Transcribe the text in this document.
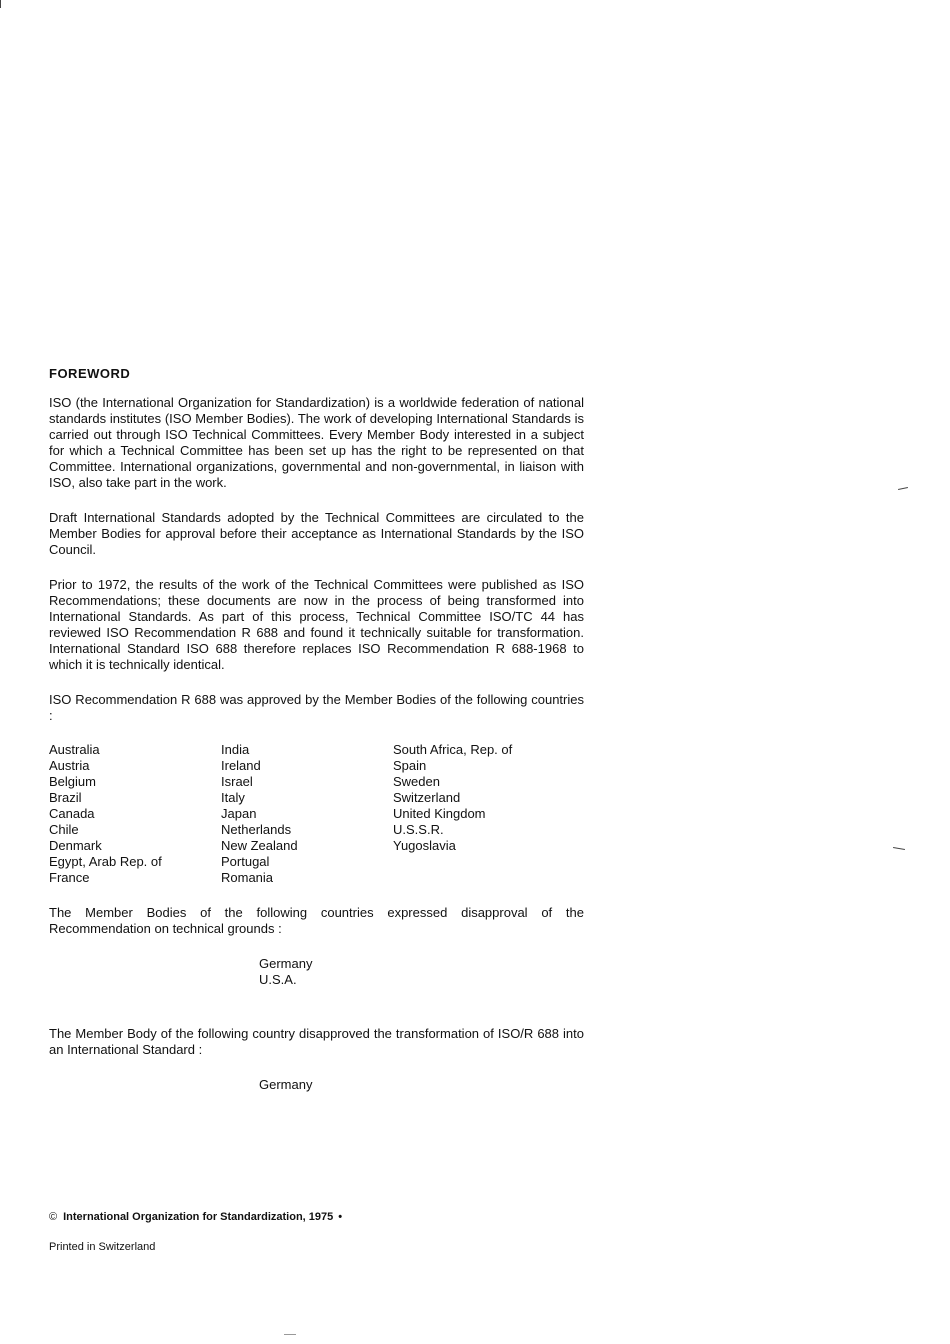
FOREWORD

ISO (the International Organization for Standardization) is a worldwide federation of national standards institutes (ISO Member Bodies). The work of developing International Standards is carried out through ISO Technical Committees. Every Member Body interested in a subject for which a Technical Committee has been set up has the right to be represented on that Committee. International organizations, governmental and non-governmental, in liaison with ISO, also take part in the work.

Draft International Standards adopted by the Technical Committees are circulated to the Member Bodies for approval before their acceptance as International Standards by the ISO Council.

Prior to 1972, the results of the work of the Technical Committees were published as ISO Recommendations; these documents are now in the process of being transformed into International Standards. As part of this process, Technical Committee ISO/TC 44 has reviewed ISO Recommendation R 688 and found it technically suitable for transformation. International Standard ISO 688 therefore replaces ISO Recommendation R 688-1968 to which it is technically identical.

ISO Recommendation R 688 was approved by the Member Bodies of the following countries :

Australia
Austria
Belgium
Brazil
Canada
Chile
Denmark
Egypt, Arab Rep. of
France
India
Ireland
Israel
Italy
Japan
Netherlands
New Zealand
Portugal
Romania
South Africa, Rep. of
Spain
Sweden
Switzerland
United Kingdom
U.S.S.R.
Yugoslavia

The Member Bodies of the following countries expressed disapproval of the Recommendation on technical grounds :

Germany
U.S.A.

The Member Body of the following country disapproved the transformation of ISO/R 688 into an International Standard :

Germany
© International Organization for Standardization, 1975 •
Printed in Switzerland
